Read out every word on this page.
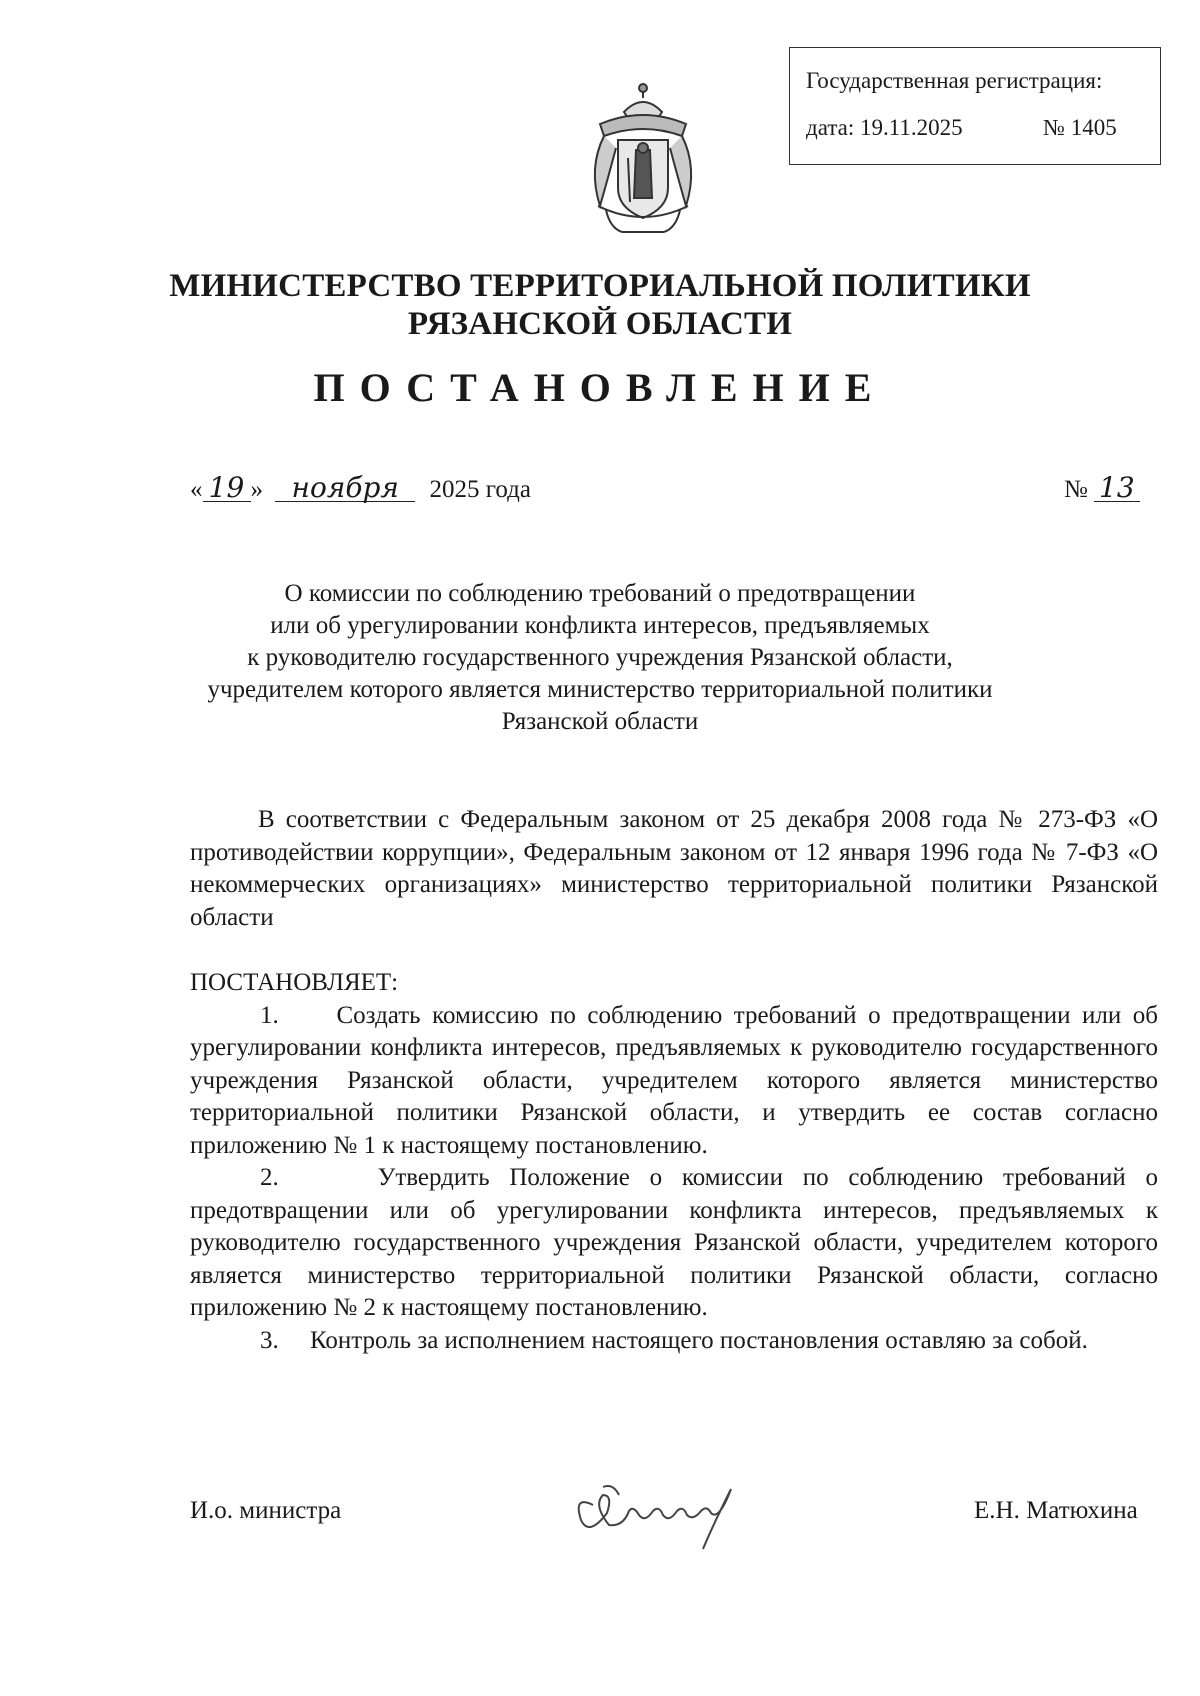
Государственная регистрация:
дата: 19.11.2025	№ 1405
МИНИСТЕРСТВО ТЕРРИТОРИАЛЬНОЙ ПОЛИТИКИ
РЯЗАНСКОЙ ОБЛАСТИ
ПОСТАНОВЛЕНИЕ
« 19 » ноября 2025 года	№ 13
О комиссии по соблюдению требований о предотвращении
или об урегулировании конфликта интересов, предъявляемых
к руководителю государственного учреждения Рязанской области,
учредителем которого является министерство территориальной политики
Рязанской области
В соответствии с Федеральным законом от 25 декабря 2008 года № 273-ФЗ «О противодействии коррупции», Федеральным законом от 12 января 1996 года № 7-ФЗ «О некоммерческих организациях» министерство территориальной политики Рязанской области
ПОСТАНОВЛЯЕТ:
1. Создать комиссию по соблюдению требований о предотвращении или об урегулировании конфликта интересов, предъявляемых к руководителю государственного учреждения Рязанской области, учредителем которого является министерство территориальной политики Рязанской области, и утвердить ее состав согласно приложению № 1 к настоящему постановлению.
2.	Утвердить Положение о комиссии по соблюдению требований о предотвращении или об урегулировании конфликта интересов, предъявляемых к руководителю государственного учреждения Рязанской области, учредителем которого является министерство территориальной политики Рязанской области, согласно приложению № 2 к настоящему постановлению.
3. Контроль за исполнением настоящего постановления оставляю за собой.
И.о. министра	Е.Н. Матюхина
